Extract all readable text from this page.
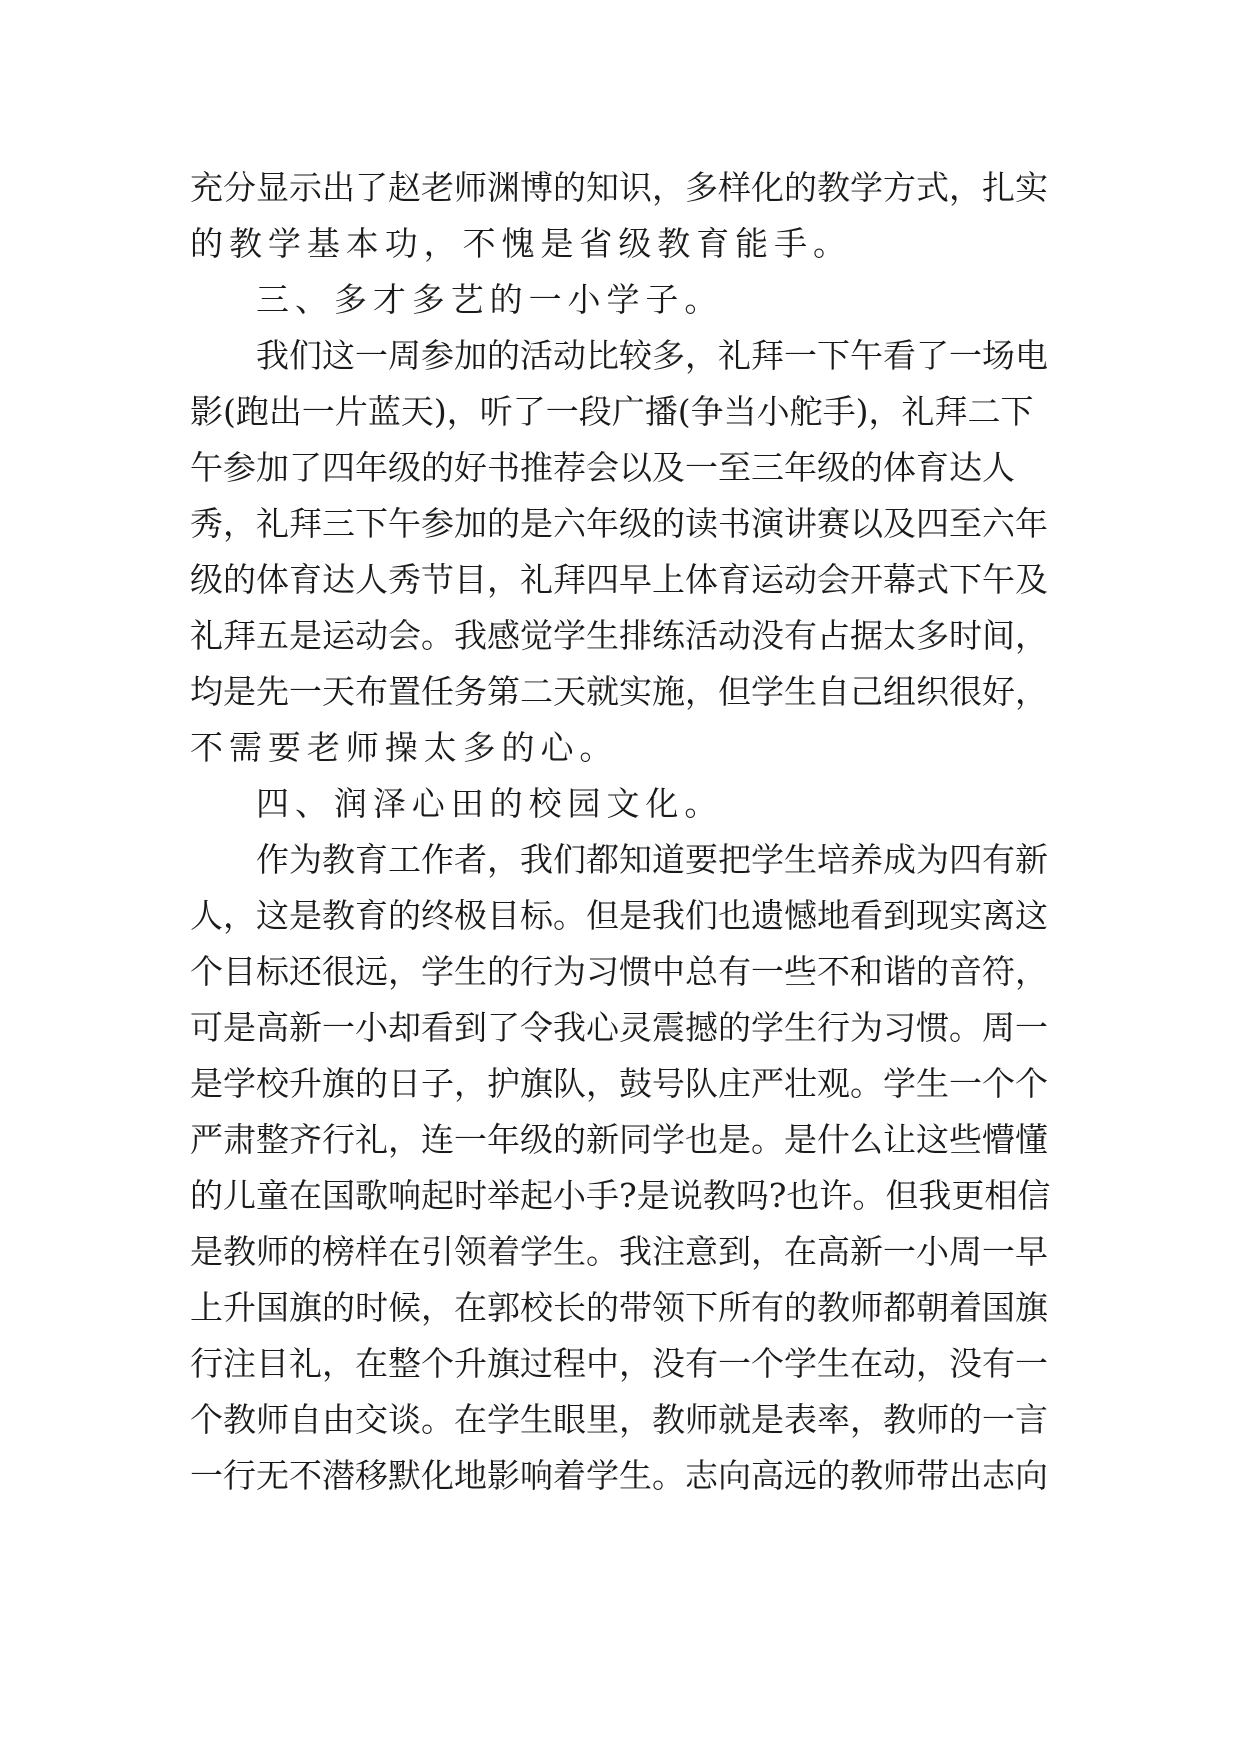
充分显示出了赵老师渊博的知识，多样化的教学方式，扎实
的教学基本功，不愧是省级教育能手。
三、多才多艺的一小学子。
我们这一周参加的活动比较多，礼拜一下午看了一场电
影(跑出一片蓝天)，听了一段广播(争当小舵手)，礼拜二下
午参加了四年级的好书推荐会以及一至三年级的体育达人
秀，礼拜三下午参加的是六年级的读书演讲赛以及四至六年
级的体育达人秀节目，礼拜四早上体育运动会开幕式下午及
礼拜五是运动会。我感觉学生排练活动没有占据太多时间，
均是先一天布置任务第二天就实施，但学生自己组织很好，
不需要老师操太多的心。
四、润泽心田的校园文化。
作为教育工作者，我们都知道要把学生培养成为四有新
人，这是教育的终极目标。但是我们也遗憾地看到现实离这
个目标还很远，学生的行为习惯中总有一些不和谐的音符，
可是高新一小却看到了令我心灵震撼的学生行为习惯。周一
是学校升旗的日子，护旗队，鼓号队庄严壮观。学生一个个
严肃整齐行礼，连一年级的新同学也是。是什么让这些懵懂
的儿童在国歌响起时举起小手?是说教吗?也许。但我更相信
是教师的榜样在引领着学生。我注意到，在高新一小周一早
上升国旗的时候，在郭校长的带领下所有的教师都朝着国旗
行注目礼，在整个升旗过程中，没有一个学生在动，没有一
个教师自由交谈。在学生眼里，教师就是表率，教师的一言
一行无不潜移默化地影响着学生。志向高远的教师带出志向
